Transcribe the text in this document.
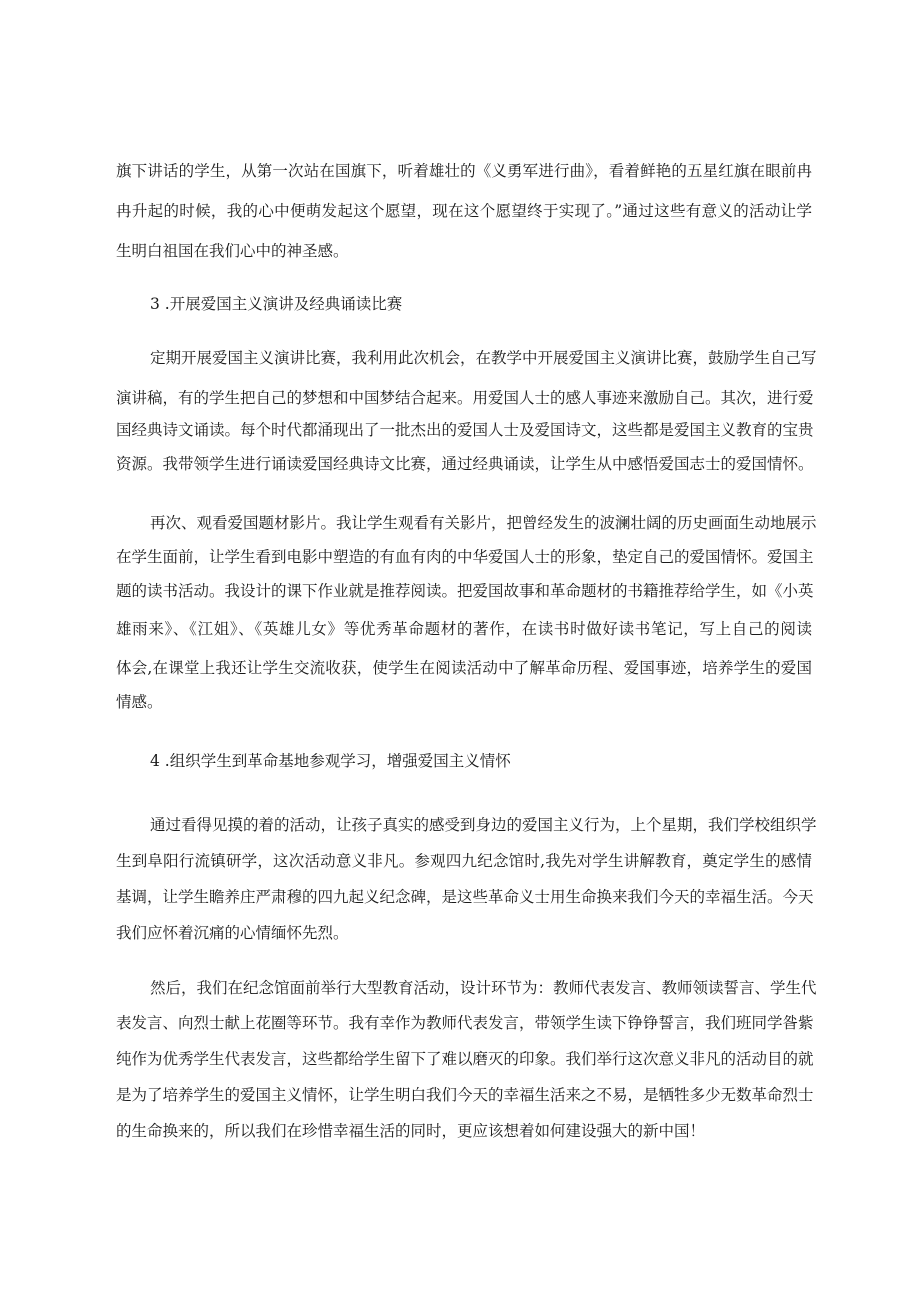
旗下讲话的学生，从第一次站在国旗下，听着雄壮的《义勇军进行曲》，看着鲜艳的五星红旗在眼前冉
冉升起的时候，我的心中便萌发起这个愿望，现在这个愿望终于实现了。”通过这些有意义的活动让学
生明白祖国在我们心中的神圣感。
3 .开展爱国主义演讲及经典诵读比赛
定期开展爱国主义演讲比赛，我利用此次机会，在教学中开展爱国主义演讲比赛，鼓励学生自己写
演讲稿，有的学生把自己的梦想和中国梦结合起来。用爱国人士的感人事迹来激励自己。其次，进行爱
国经典诗文诵读。每个时代都涌现出了一批杰出的爱国人士及爱国诗文，这些都是爱国主义教育的宝贵
资源。我带领学生进行诵读爱国经典诗文比赛，通过经典诵读，让学生从中感悟爱国志士的爱国情怀。
再次、观看爱国题材影片。我让学生观看有关影片，把曾经发生的波澜壮阔的历史画面生动地展示
在学生面前，让学生看到电影中塑造的有血有肉的中华爱国人士的形象，垫定自己的爱国情怀。爱国主
题的读书活动。我设计的课下作业就是推荐阅读。把爱国故事和革命题材的书籍推荐给学生，如《小英
雄雨来》、《江姐》、《英雄儿女》等优秀革命题材的著作，在读书时做好读书笔记，写上自己的阅读
体会,在课堂上我还让学生交流收获，使学生在阅读活动中了解革命历程、爱国事迹，培养学生的爱国
情感。
4 .组织学生到革命基地参观学习，增强爱国主义情怀
通过看得见摸的着的活动，让孩子真实的感受到身边的爱国主义行为，上个星期，我们学校组织学
生到阜阳行流镇研学，这次活动意义非凡。参观四九纪念馆时,我先对学生讲解教育，奠定学生的感情
基调，让学生瞻养庄严肃穆的四九起义纪念碑，是这些革命义士用生命换来我们今天的幸福生活。今天
我们应怀着沉痛的心情缅怀先烈。
然后，我们在纪念馆面前举行大型教育活动，设计环节为：教师代表发言、教师领读誓言、学生代
表发言、向烈士献上花圈等环节。我有幸作为教师代表发言，带领学生读下铮铮誓言，我们班同学昝紫
纯作为优秀学生代表发言，这些都给学生留下了难以磨灭的印象。我们举行这次意义非凡的活动目的就
是为了培养学生的爱国主义情怀，让学生明白我们今天的幸福生活来之不易，是牺牲多少无数革命烈士
的生命换来的，所以我们在珍惜幸福生活的同时，更应该想着如何建设强大的新中国！
